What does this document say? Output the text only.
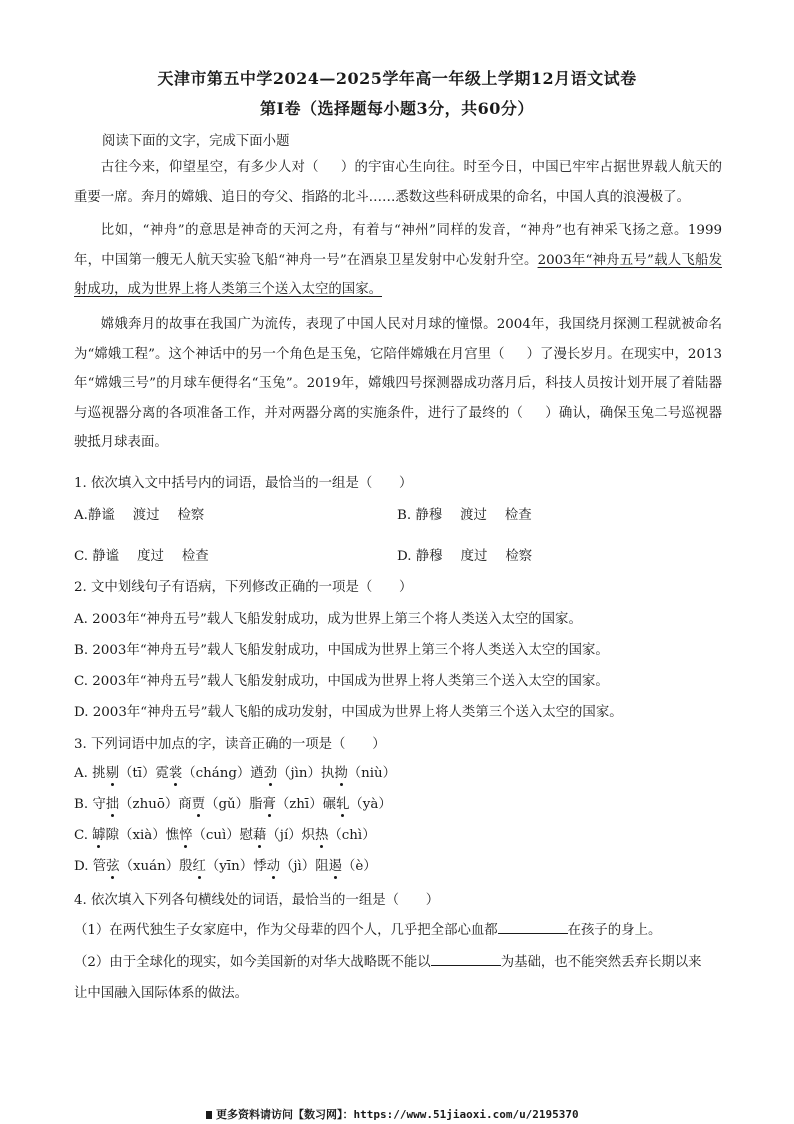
天津市第五中学2024—2025学年高一年级上学期12月语文试卷
第Ⅰ卷（选择题每小题3分，共60分）
阅读下面的文字，完成下面小题

古往今来，仰望星空，有多少人对（ ）的宇宙心生向往。时至今日，中国已牢牢占据世界载人航天的重要一席。奔月的嫦娥、追日的夸父、指路的北斗……悉数这些科研成果的命名，中国人真的浪漫极了。

比如，“神舟”的意思是神奇的天河之舟，有着与“神州”同样的发音，“神舟”也有神采飞扬之意。1999年，中国第一艘无人航天实验飞船“神舟一号”在酒泉卫星发射中心发射升空。2003年“神舟五号”载人飞船发射成功，成为世界上将人类第三个送入太空的国家。

嫦娥奔月的故事在我国广为流传，表现了中国人民对月球的憧憬。2004年，我国绕月探测工程就被命名为“嫦娥工程”。这个神话中的另一个角色是玉兔，它陪伴嫦娥在月宫里（ ）了漫长岁月。在现实中，2013年“嫦娥三号”的月球车便得名“玉兔”。2019年，嫦娥四号探测器成功落月后，科技人员按计划开展了着陆器与巡视器分离的各项准备工作，并对两器分离的实施条件，进行了最终的（ ）确认，确保玉兔二号巡视器驶抵月球表面。

1. 依次填入文中括号内的词语，最恰当的一组是（　　）
A.静谧 渡过 检察	B. 静穆 渡过 检查
C. 静谧 度过 检查	D. 静穆 度过 检察
2. 文中划线句子有语病，下列修改正确的一项是（　　）
A. 2003年“神舟五号”载人飞船发射成功，成为世界上第三个将人类送入太空的国家。
B. 2003年“神舟五号”载人飞船发射成功，中国成为世界上第三个将人类送入太空的国家。
C. 2003年“神舟五号”载人飞船发射成功，中国成为世界上将人类第三个送入太空的国家。
D. 2003年“神舟五号”载人飞船的成功发射，中国成为世界上将人类第三个送入太空的国家。
3. 下列词语中加点的字，读音正确的一项是（　　）
A. 挑剔（tī）霓裳（cháng）遒劲（jìn）执拗（niù）
B. 守拙（zhuō）商贾（gǔ）脂膏（zhī）碾轧（yà）
C. 罅隙（xià）憔悴（cuì）慰藉（jí）炽热（chì）
D. 管弦（xuán）殷红（yīn）悸动（jì）阻遏（è）
4. 依次填入下列各句横线处的词语，最恰当的一组是（　　）
（1）在两代独生子女家庭中，作为父母辈的四个人，几乎把全部心血都	在孩子的身上。
（2）由于全球化的现实，如今美国新的对华大战略既不能以	为基础，也不能突然丢弃长期以来
让中国融入国际体系的做法。
更多资料请访问【数习网】：https://www.51jiaoxi.com/u/2195370
